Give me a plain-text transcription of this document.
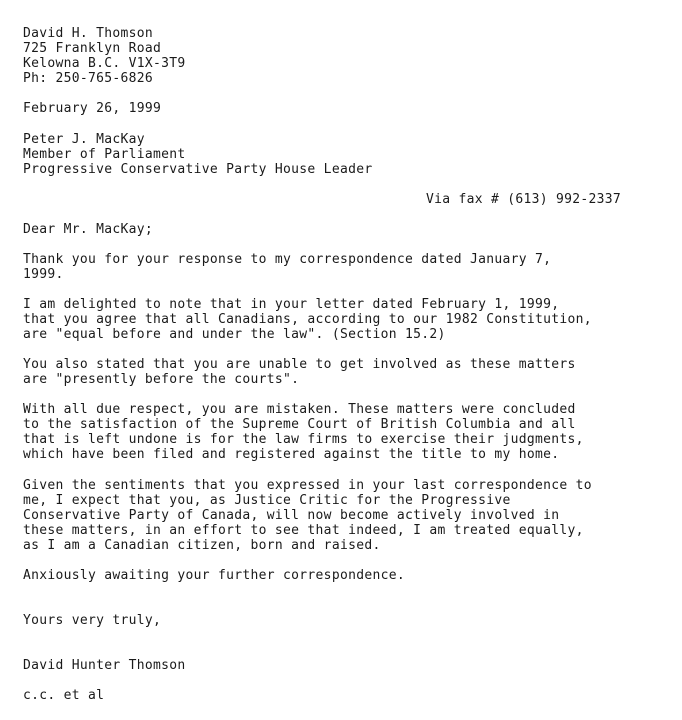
David H. Thomson

725 Franklyn Road

Kelowna B.C. V1X-3T9

Ph: 250-765-6826

February 26, 1999

Peter J. MacKay

Member of Parliament

Progressive Conservative Party House Leader

Via fax # (613) 992-2337

Dear Mr. MacKay;

Thank you for your response to my correspondence dated January 7,

1999.

I am delighted to note that in your letter dated February 1, 1999,

that you agree that all Canadians, according to our 1982 Constitution,

are "equal before and under the law". (Section 15.2)

You also stated that you are unable to get involved as these matters

are "presently before the courts".

With all due respect, you are mistaken. These matters were concluded

to the satisfaction of the Supreme Court of British Columbia and all

that is left undone is for the law firms to exercise their judgments,

which have been filed and registered against the title to my home.

Given the sentiments that you expressed in your last correspondence to

me, I expect that you, as Justice Critic for the Progressive

Conservative Party of Canada, will now become actively involved in

these matters, in an effort to see that indeed, I am treated equally,

as I am a Canadian citizen, born and raised.

Anxiously awaiting your further correspondence.

Yours very truly,

David Hunter Thomson

c.c. et al
